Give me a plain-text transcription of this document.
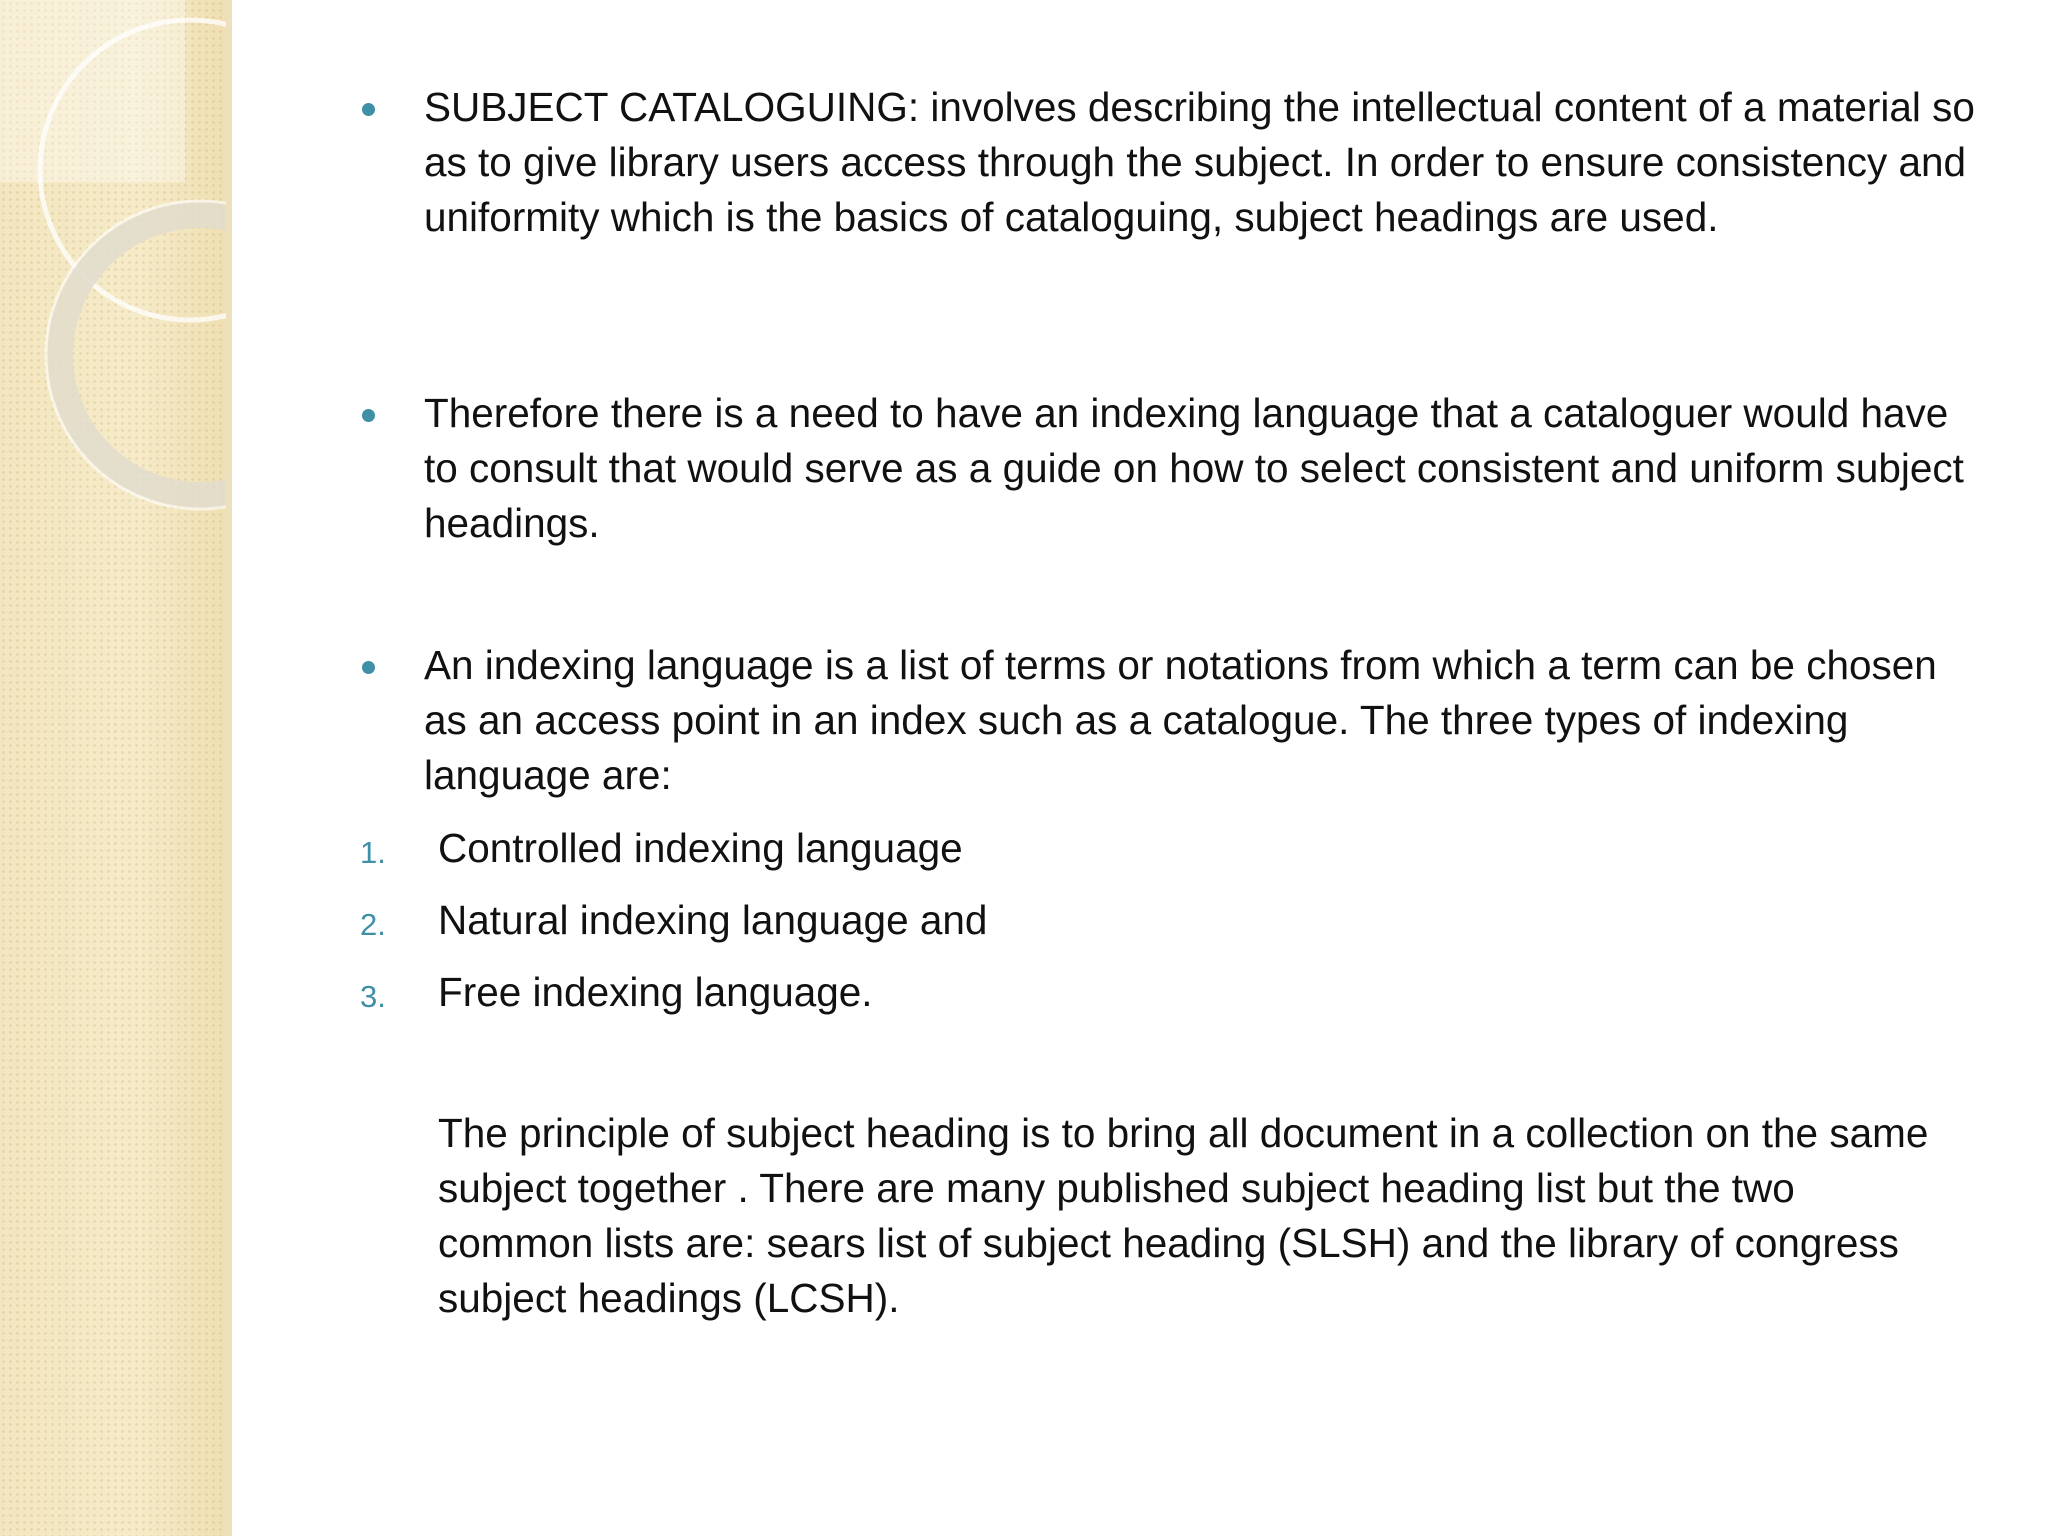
SUBJECT CATALOGUING: involves describing the intellectual content of a material so as to give library users access through the subject. In order to ensure consistency and uniformity which is the basics of cataloguing, subject headings are used.
Therefore there is a need to have an indexing language that a cataloguer would have to consult that would serve as a guide on how to select consistent and uniform subject headings.
An indexing language is a list of terms or notations from which a term can be chosen as an access point in an index such as a catalogue. The three types of indexing language are:
1. Controlled indexing language
2. Natural indexing language and
3. Free indexing language.
The principle of subject heading is to bring all document in a collection on the same subject together . There are many published subject heading list but the two common lists are: sears list of subject heading (SLSH) and the library of congress subject headings (LCSH).
